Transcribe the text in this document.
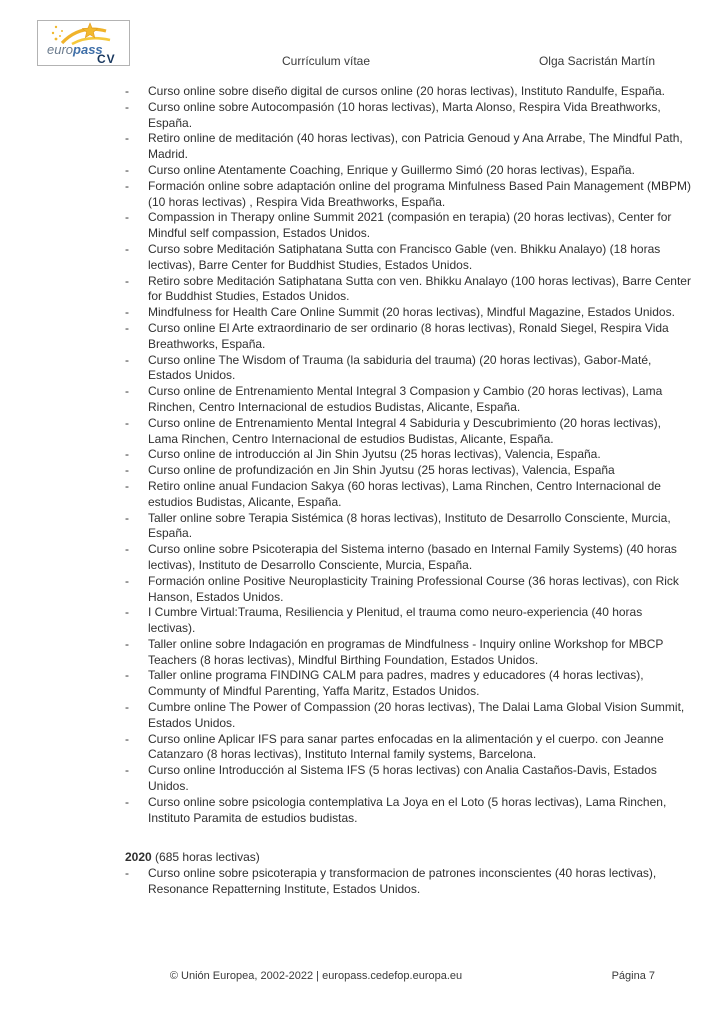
europass
CV	Currículum vítae	Olga Sacristán Martín
-	Curso online sobre diseño digital de cursos online (20 horas lectivas), Instituto Randulfe, España.
-	Curso online sobre Autocompasión (10 horas lectivas), Marta Alonso, Respira Vida Breathworks, España.
-	Retiro online de meditación (40 horas lectivas), con Patricia Genoud y Ana Arrabe, The Mindful Path, Madrid.
-	Curso online Atentamente Coaching, Enrique y Guillermo Simó (20 horas lectivas), España.
-	Formación online sobre adaptación online del programa Minfulness Based Pain Management (MBPM) (10 horas lectivas) , Respira Vida Breathworks, España.
-	Compassion in Therapy online Summit 2021 (compasión en terapia) (20 horas lectivas), Center for Mindful self compassion, Estados Unidos.
-	Curso sobre Meditación Satiphatana Sutta con Francisco Gable (ven. Bhikku Analayo) (18 horas lectivas), Barre Center for Buddhist Studies, Estados Unidos.
-	Retiro sobre Meditación Satiphatana Sutta con ven. Bhikku Analayo (100 horas lectivas), Barre Center for Buddhist Studies, Estados Unidos.
-	Mindfulness for Health Care Online Summit (20 horas lectivas), Mindful Magazine, Estados Unidos.
-	Curso online El Arte extraordinario de ser ordinario (8 horas lectivas), Ronald Siegel, Respira Vida Breathworks, España.
-	Curso online The Wisdom of Trauma (la sabiduria del trauma) (20 horas lectivas), Gabor-Maté, Estados Unidos.
-	Curso online de Entrenamiento Mental Integral 3 Compasion y Cambio (20 horas lectivas), Lama Rinchen, Centro Internacional de estudios Budistas, Alicante, España.
-	Curso online de Entrenamiento Mental Integral 4 Sabiduria y Descubrimiento (20 horas lectivas), Lama Rinchen, Centro Internacional de estudios Budistas, Alicante, España.
-	Curso online de introducción al Jin Shin Jyutsu (25 horas lectivas), Valencia, España.
-	Curso online de profundización en Jin Shin Jyutsu (25 horas lectivas), Valencia, España
-	Retiro online anual Fundacion Sakya (60 horas lectivas), Lama Rinchen, Centro Internacional de estudios Budistas, Alicante, España.
-	Taller online sobre Terapia Sistémica (8 horas lectivas), Instituto de Desarrollo Consciente, Murcia, España.
-	Curso online sobre Psicoterapia del Sistema interno (basado en Internal Family Systems) (40 horas lectivas), Instituto de Desarrollo Consciente, Murcia, España.
-	Formación online Positive Neuroplasticity Training Professional Course (36 horas lectivas), con Rick Hanson, Estados Unidos.
-	I Cumbre Virtual:Trauma, Resiliencia y Plenitud, el trauma como neuro-experiencia (40 horas lectivas).
-	Taller online sobre Indagación en programas de Mindfulness - Inquiry online Workshop for MBCP Teachers (8 horas lectivas), Mindful Birthing Foundation, Estados Unidos.
-	Taller online programa FINDING CALM para padres, madres y educadores (4 horas lectivas), Communty of Mindful Parenting, Yaffa Maritz, Estados Unidos.
-	Cumbre online The Power of Compassion (20 horas lectivas), The Dalai Lama Global Vision Summit, Estados Unidos.
-	Curso online Aplicar IFS para sanar partes enfocadas en la alimentación y el cuerpo. con Jeanne Catanzaro (8 horas lectivas), Instituto Internal family systems, Barcelona.
-	Curso online Introducción al Sistema IFS (5 horas lectivas) con Analia Castaños-Davis, Estados Unidos.
-	Curso online sobre psicologia contemplativa La Joya en el Loto (5 horas lectivas), Lama Rinchen, Instituto Paramita de estudios budistas.
2020 (685 horas lectivas)
-	Curso online sobre psicoterapia y transformacion de patrones inconscientes (40 horas lectivas), Resonance Repatterning Institute, Estados Unidos.
© Unión Europea, 2002-2022 | europass.cedefop.europa.eu	Página 7
